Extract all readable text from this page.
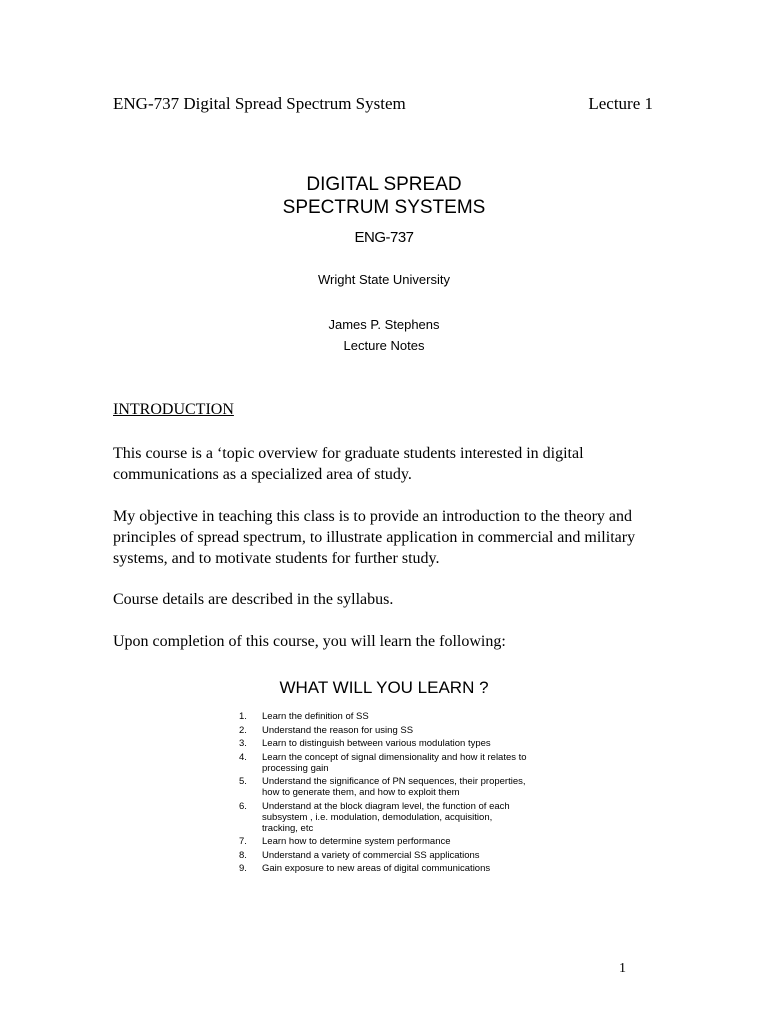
ENG-737 Digital Spread Spectrum System	Lecture 1
DIGITAL SPREAD
SPECTRUM SYSTEMS
ENG-737
Wright State University
James P. Stephens
Lecture Notes
INTRODUCTION
This course is a ‘topic overview for graduate students interested in digital communications as a specialized area of study.
My objective in teaching this class is to provide an introduction to the theory and principles of spread spectrum, to illustrate application in commercial and military systems, and to motivate students for further study.
Course details are described in the syllabus.
Upon completion of this course, you will learn the following:
WHAT WILL YOU LEARN ?
1.	Learn the definition of SS
2.	Understand the reason for using SS
3.	Learn to distinguish between various modulation types
4.	Learn the concept of signal dimensionality and how it relates to processing gain
5.	Understand the significance of PN sequences, their properties, how to generate them, and how to exploit them
6.	Understand at the block diagram level, the function of each subsystem , i.e. modulation, demodulation, acquisition, tracking, etc
7.	Learn how to determine system performance
8.	Understand a variety of commercial SS applications
9.	Gain exposure to new areas of digital communications
1
